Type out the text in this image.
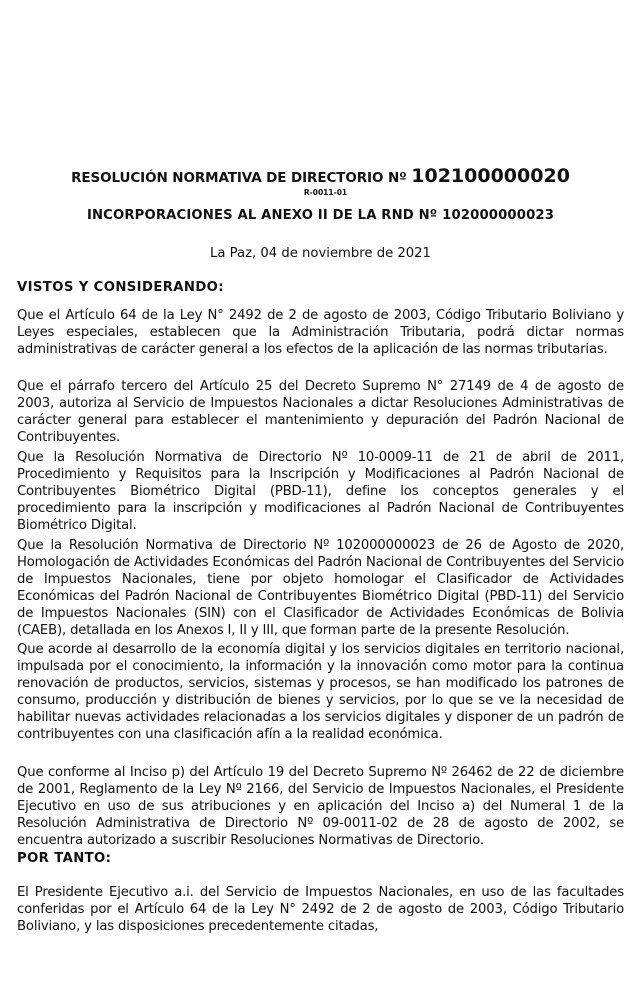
RESOLUCIÓN NORMATIVA DE DIRECTORIO Nº 102100000020
R-0011-01
INCORPORACIONES AL ANEXO II DE LA RND Nº 102000000023
La Paz, 04 de noviembre de 2021
VISTOS Y CONSIDERANDO:

Que el Artículo 64 de la Ley N° 2492 de 2 de agosto de 2003, Código Tributario Boliviano y Leyes especiales, establecen que la Administración Tributaria, podrá dictar normas administrativas de carácter general a los efectos de la aplicación de las normas tributarias.

Que el párrafo tercero del Artículo 25 del Decreto Supremo N° 27149 de 4 de agosto de 2003, autoriza al Servicio de Impuestos Nacionales a dictar Resoluciones Administrativas de carácter general para establecer el mantenimiento y depuración del Padrón Nacional de Contribuyentes.

Que la Resolución Normativa de Directorio Nº 10-0009-11 de 21 de abril de 2011, Procedimiento y Requisitos para la Inscripción y Modificaciones al Padrón Nacional de Contribuyentes Biométrico Digital (PBD-11), define los conceptos generales y el procedimiento para la inscripción y modificaciones al Padrón Nacional de Contribuyentes Biométrico Digital.

Que la Resolución Normativa de Directorio Nº 102000000023 de 26 de Agosto de 2020, Homologación de Actividades Económicas del Padrón Nacional de Contribuyentes del Servicio de Impuestos Nacionales, tiene por objeto homologar el Clasificador de Actividades Económicas del Padrón Nacional de Contribuyentes Biométrico Digital (PBD-11) del Servicio de Impuestos Nacionales (SIN) con el Clasificador de Actividades Económicas de Bolivia (CAEB), detallada en los Anexos I, II y III, que forman parte de la presente Resolución.

Que acorde al desarrollo de la economía digital y los servicios digitales en territorio nacional, impulsada por el conocimiento, la información y la innovación como motor para la continua renovación de productos, servicios, sistemas y procesos, se han modificado los patrones de consumo, producción y distribución de bienes y servicios, por lo que se ve la necesidad de habilitar nuevas actividades relacionadas a los servicios digitales y disponer de un padrón de contribuyentes con una clasificación afín a la realidad económica.

Que conforme al Inciso p) del Artículo 19 del Decreto Supremo Nº 26462 de 22 de diciembre de 2001, Reglamento de la Ley Nº 2166, del Servicio de Impuestos Nacionales, el Presidente Ejecutivo en uso de sus atribuciones y en aplicación del Inciso a) del Numeral 1 de la Resolución Administrativa de Directorio Nº 09-0011-02 de 28 de agosto de 2002, se encuentra autorizado a suscribir Resoluciones Normativas de Directorio.

POR TANTO:

El Presidente Ejecutivo a.i. del Servicio de Impuestos Nacionales, en uso de las facultades conferidas por el Artículo 64 de la Ley N° 2492 de 2 de agosto de 2003, Código Tributario Boliviano, y las disposiciones precedentemente citadas,
